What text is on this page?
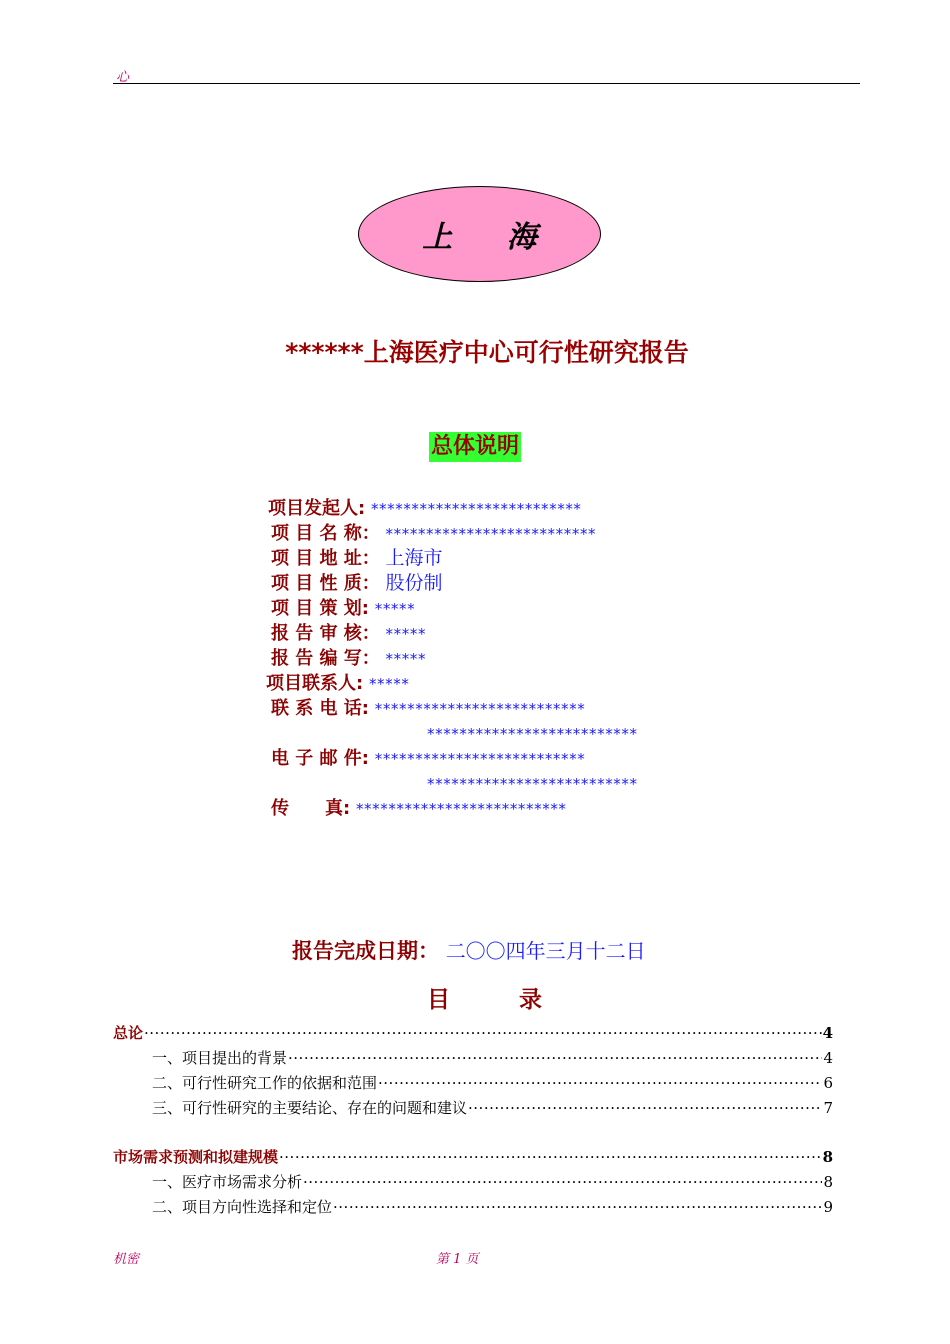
心
上 海
******上海医疗中心可行性研究报告
总体说明
项目发起人: **************************
项 目 名 称： **************************
项 目 地 址： 上海市
项 目 性 质： 股份制
项 目 策 划: *****
报 告 审 核： *****
报 告 编 写： *****
项目联系人: *****
联 系 电 话: **************************
**************************
电 子 邮 件: **************************
**************************
传　　真: **************************
报告完成日期： 二〇〇四年三月十二日
目　　　录
总论 ·····	4
一、项目提出的背景 ·····	4
二、可行性研究工作的依据和范围 ·····	6
三、可行性研究的主要结论、存在的问题和建议 ·····	7
市场需求预测和拟建规模 ·····	8
一、医疗市场需求分析 ·····	8
二、项目方向性选择和定位 ·····	9
机密	第 1 页
